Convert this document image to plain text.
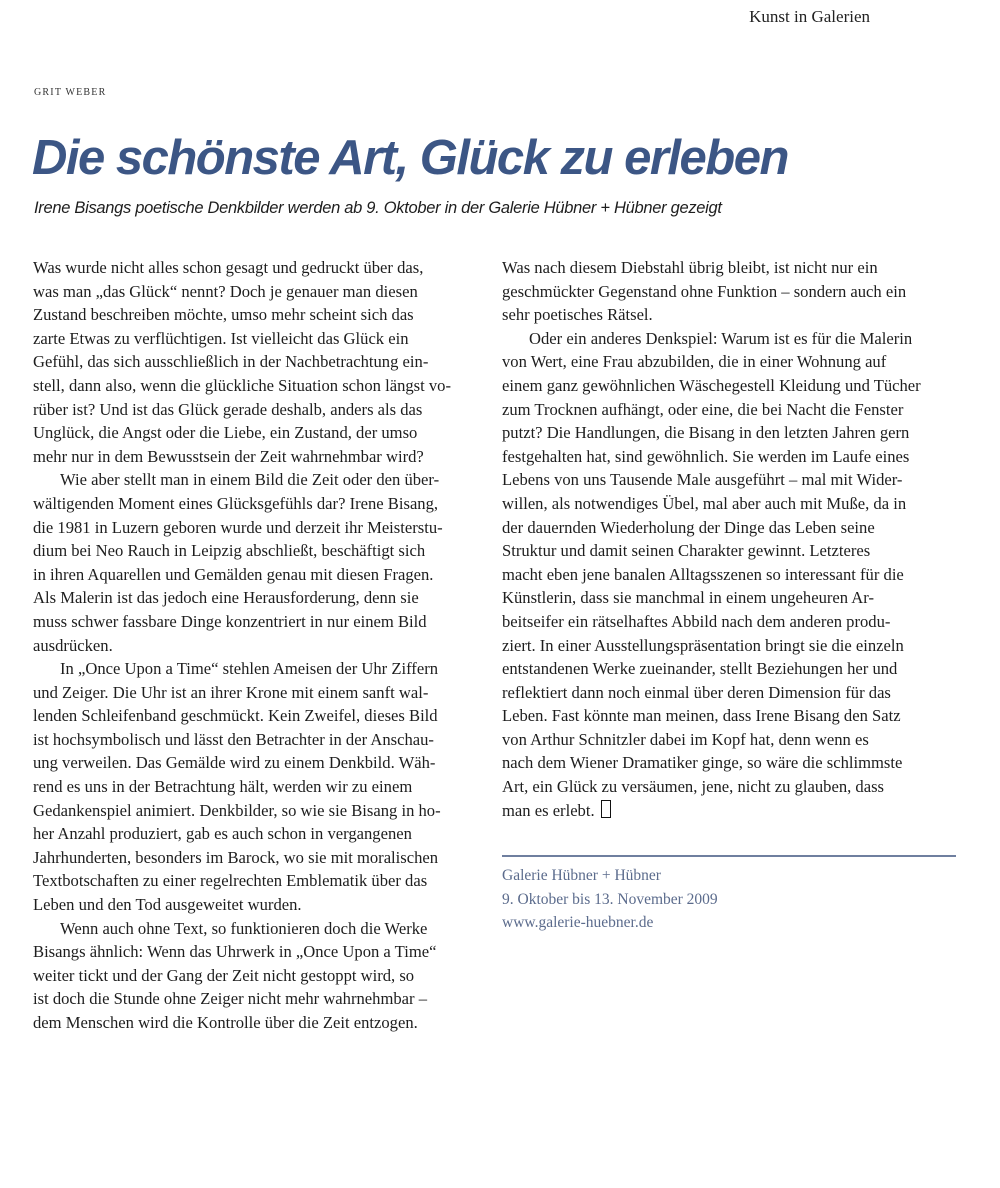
Kunst in Galerien
GRIT WEBER
Die schönste Art, Glück zu erleben

Irene Bisangs poetische Denkbilder werden ab 9. Oktober in der Galerie Hübner + Hübner gezeigt

Was wurde nicht alles schon gesagt und gedruckt über das,
was man „das Glück“ nennt? Doch je genauer man diesen
Zustand beschreiben möchte, umso mehr scheint sich das
zarte Etwas zu verflüchtigen. Ist vielleicht das Glück ein
Gefühl, das sich ausschließlich in der Nachbetrachtung ein-
stell, dann also, wenn die glückliche Situation schon längst vo-
rüber ist? Und ist das Glück gerade deshalb, anders als das
Unglück, die Angst oder die Liebe, ein Zustand, der umso
mehr nur in dem Bewusstsein der Zeit wahrnehmbar wird?
Wie aber stellt man in einem Bild die Zeit oder den über-
wältigenden Moment eines Glücksgefühls dar? Irene Bisang,
die 1981 in Luzern geboren wurde und derzeit ihr Meisterstu-
dium bei Neo Rauch in Leipzig abschließt, beschäftigt sich
in ihren Aquarellen und Gemälden genau mit diesen Fragen.
Als Malerin ist das jedoch eine Herausforderung, denn sie
muss schwer fassbare Dinge konzentriert in nur einem Bild
ausdrücken.
In „Once Upon a Time“ stehlen Ameisen der Uhr Ziffern
und Zeiger. Die Uhr ist an ihrer Krone mit einem sanft wal-
lenden Schleifenband geschmückt. Kein Zweifel, dieses Bild
ist hochsymbolisch und lässt den Betrachter in der Anschau-
ung verweilen. Das Gemälde wird zu einem Denkbild. Wäh-
rend es uns in der Betrachtung hält, werden wir zu einem
Gedankenspiel animiert. Denkbilder, so wie sie Bisang in ho-
her Anzahl produziert, gab es auch schon in vergangenen
Jahrhunderten, besonders im Barock, wo sie mit moralischen
Textbotschaften zu einer regelrechten Emblematik über das
Leben und den Tod ausgeweitet wurden.
Wenn auch ohne Text, so funktionieren doch die Werke
Bisangs ähnlich: Wenn das Uhrwerk in „Once Upon a Time“
weiter tickt und der Gang der Zeit nicht gestoppt wird, so
ist doch die Stunde ohne Zeiger nicht mehr wahrnehmbar –
dem Menschen wird die Kontrolle über die Zeit entzogen.
Was nach diesem Diebstahl übrig bleibt, ist nicht nur ein
geschmückter Gegenstand ohne Funktion – sondern auch ein
sehr poetisches Rätsel.
Oder ein anderes Denkspiel: Warum ist es für die Malerin
von Wert, eine Frau abzubilden, die in einer Wohnung auf
einem ganz gewöhnlichen Wäschegestell Kleidung und Tücher
zum Trocknen aufhängt, oder eine, die bei Nacht die Fenster
putzt? Die Handlungen, die Bisang in den letzten Jahren gern
festgehalten hat, sind gewöhnlich. Sie werden im Laufe eines
Lebens von uns Tausende Male ausgeführt – mal mit Wider-
willen, als notwendiges Übel, mal aber auch mit Muße, da in
der dauernden Wiederholung der Dinge das Leben seine
Struktur und damit seinen Charakter gewinnt. Letzteres
macht eben jene banalen Alltagsszenen so interessant für die
Künstlerin, dass sie manchmal in einem ungeheuren Ar-
beitseifer ein rätselhaftes Abbild nach dem anderen produ-
ziert. In einer Ausstellungspräsentation bringt sie die einzeln
entstandenen Werke zueinander, stellt Beziehungen her und
reflektiert dann noch einmal über deren Dimension für das
Leben. Fast könnte man meinen, dass Irene Bisang den Satz
von Arthur Schnitzler dabei im Kopf hat, denn wenn es
nach dem Wiener Dramatiker ginge, so wäre die schlimmste
Art, ein Glück zu versäumen, jene, nicht zu glauben, dass
man es erlebt.
Galerie Hübner + Hübner
9. Oktober bis 13. November 2009
www.galerie-huebner.de
